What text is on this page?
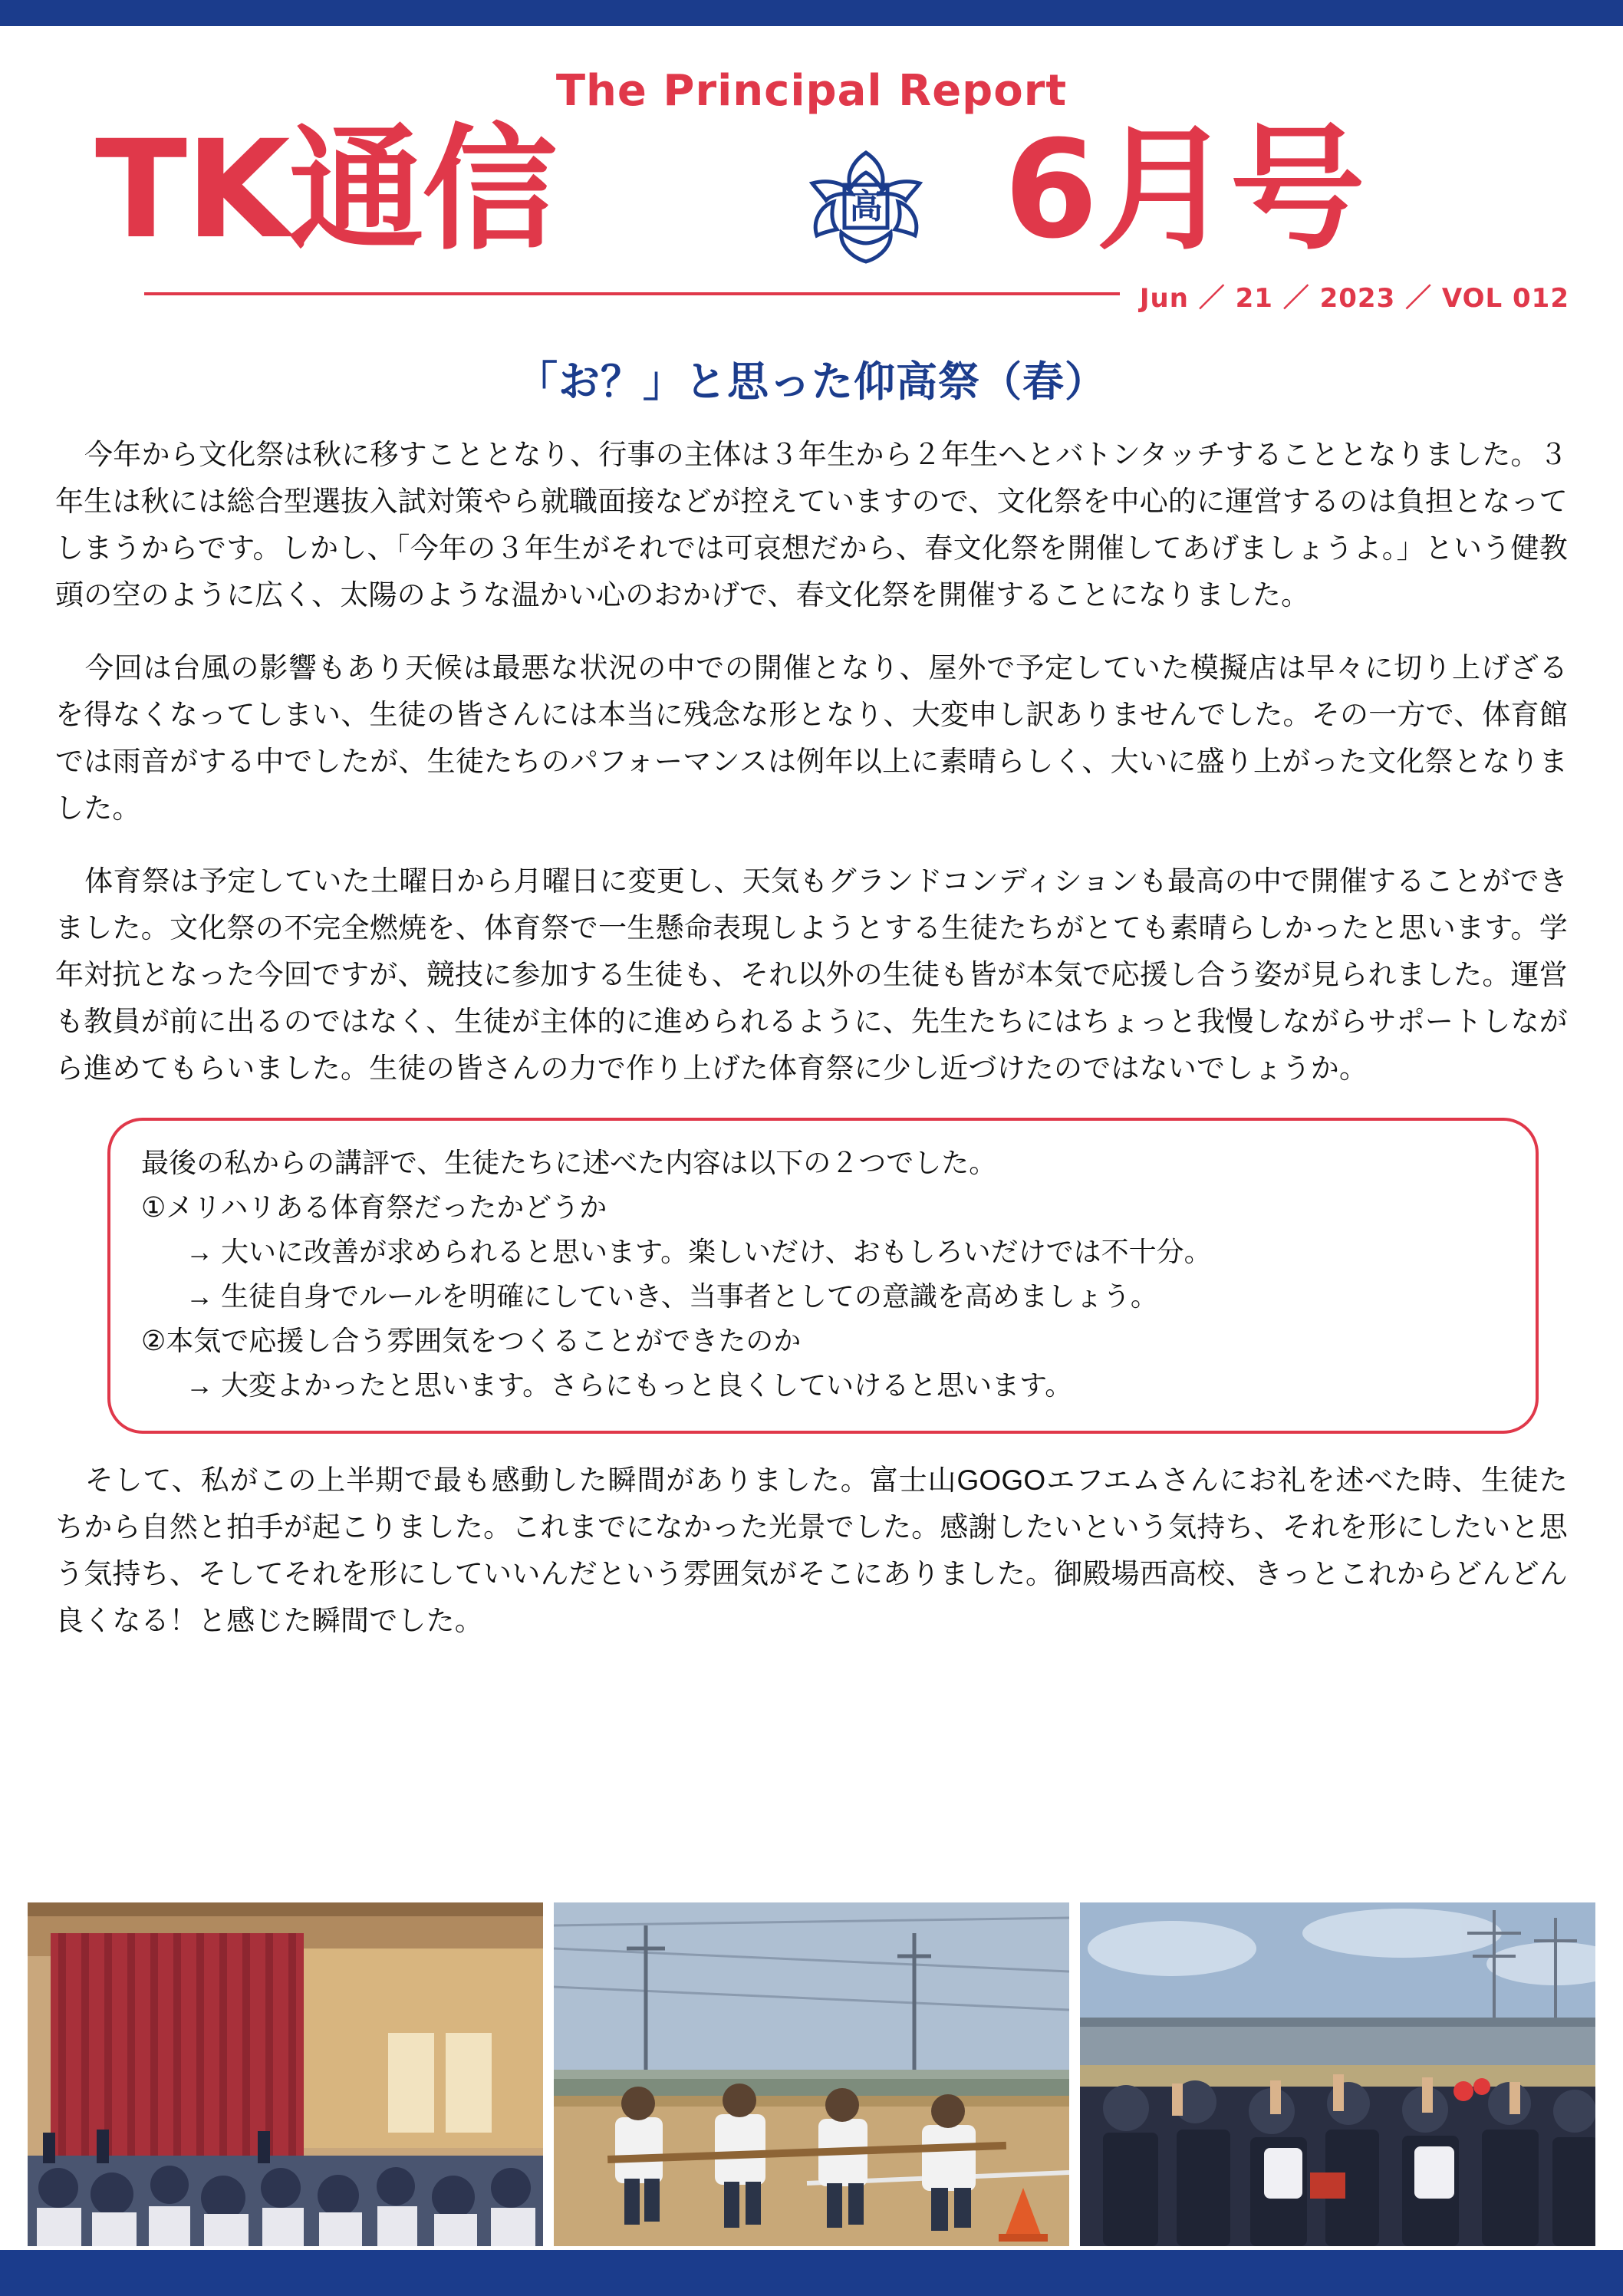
The Principal Report
TK通信	高 6月号
Jun ／ 21 ／ 2023 ／ VOL 012
「お？」と思った仰高祭（春）

今年から文化祭は秋に移すこととなり、行事の主体は３年生から２年生へとバトンタッチすることとなりました。３年生は秋には総合型選抜入試対策やら就職面接などが控えていますので、文化祭を中心的に運営するのは負担となってしまうからです。しかし、「今年の３年生がそれでは可哀想だから、春文化祭を開催してあげましょうよ。」という健教頭の空のように広く、太陽のような温かい心のおかげで、春文化祭を開催することになりました。

今回は台風の影響もあり天候は最悪な状況の中での開催となり、屋外で予定していた模擬店は早々に切り上げざるを得なくなってしまい、生徒の皆さんには本当に残念な形となり、大変申し訳ありませんでした。その一方で、体育館では雨音がする中でしたが、生徒たちのパフォーマンスは例年以上に素晴らしく、大いに盛り上がった文化祭となりました。

体育祭は予定していた土曜日から月曜日に変更し、天気もグランドコンディションも最高の中で開催することができました。文化祭の不完全燃焼を、体育祭で一生懸命表現しようとする生徒たちがとても素晴らしかったと思います。学年対抗となった今回ですが、競技に参加する生徒も、それ以外の生徒も皆が本気で応援し合う姿が見られました。運営も教員が前に出るのではなく、生徒が主体的に進められるように、先生たちにはちょっと我慢しながらサポートしながら進めてもらいました。生徒の皆さんの力で作り上げた体育祭に少し近づけたのではないでしょうか。

最後の私からの講評で、生徒たちに述べた内容は以下の２つでした。

①メリハリある体育祭だったかどうか

→ 大いに改善が求められると思います。楽しいだけ、おもしろいだけでは不十分。

→ 生徒自身でルールを明確にしていき、当事者としての意識を高めましょう。

②本気で応援し合う雰囲気をつくることができたのか

→ 大変よかったと思います。さらにもっと良くしていけると思います。

そして、私がこの上半期で最も感動した瞬間がありました。富士山GOGOエフエムさんにお礼を述べた時、生徒たちから自然と拍手が起こりました。これまでになかった光景でした。感謝したいという気持ち、それを形にしたいと思う気持ち、そしてそれを形にしていいんだという雰囲気がそこにありました。御殿場西高校、きっとこれからどんどん良くなる！と感じた瞬間でした。
